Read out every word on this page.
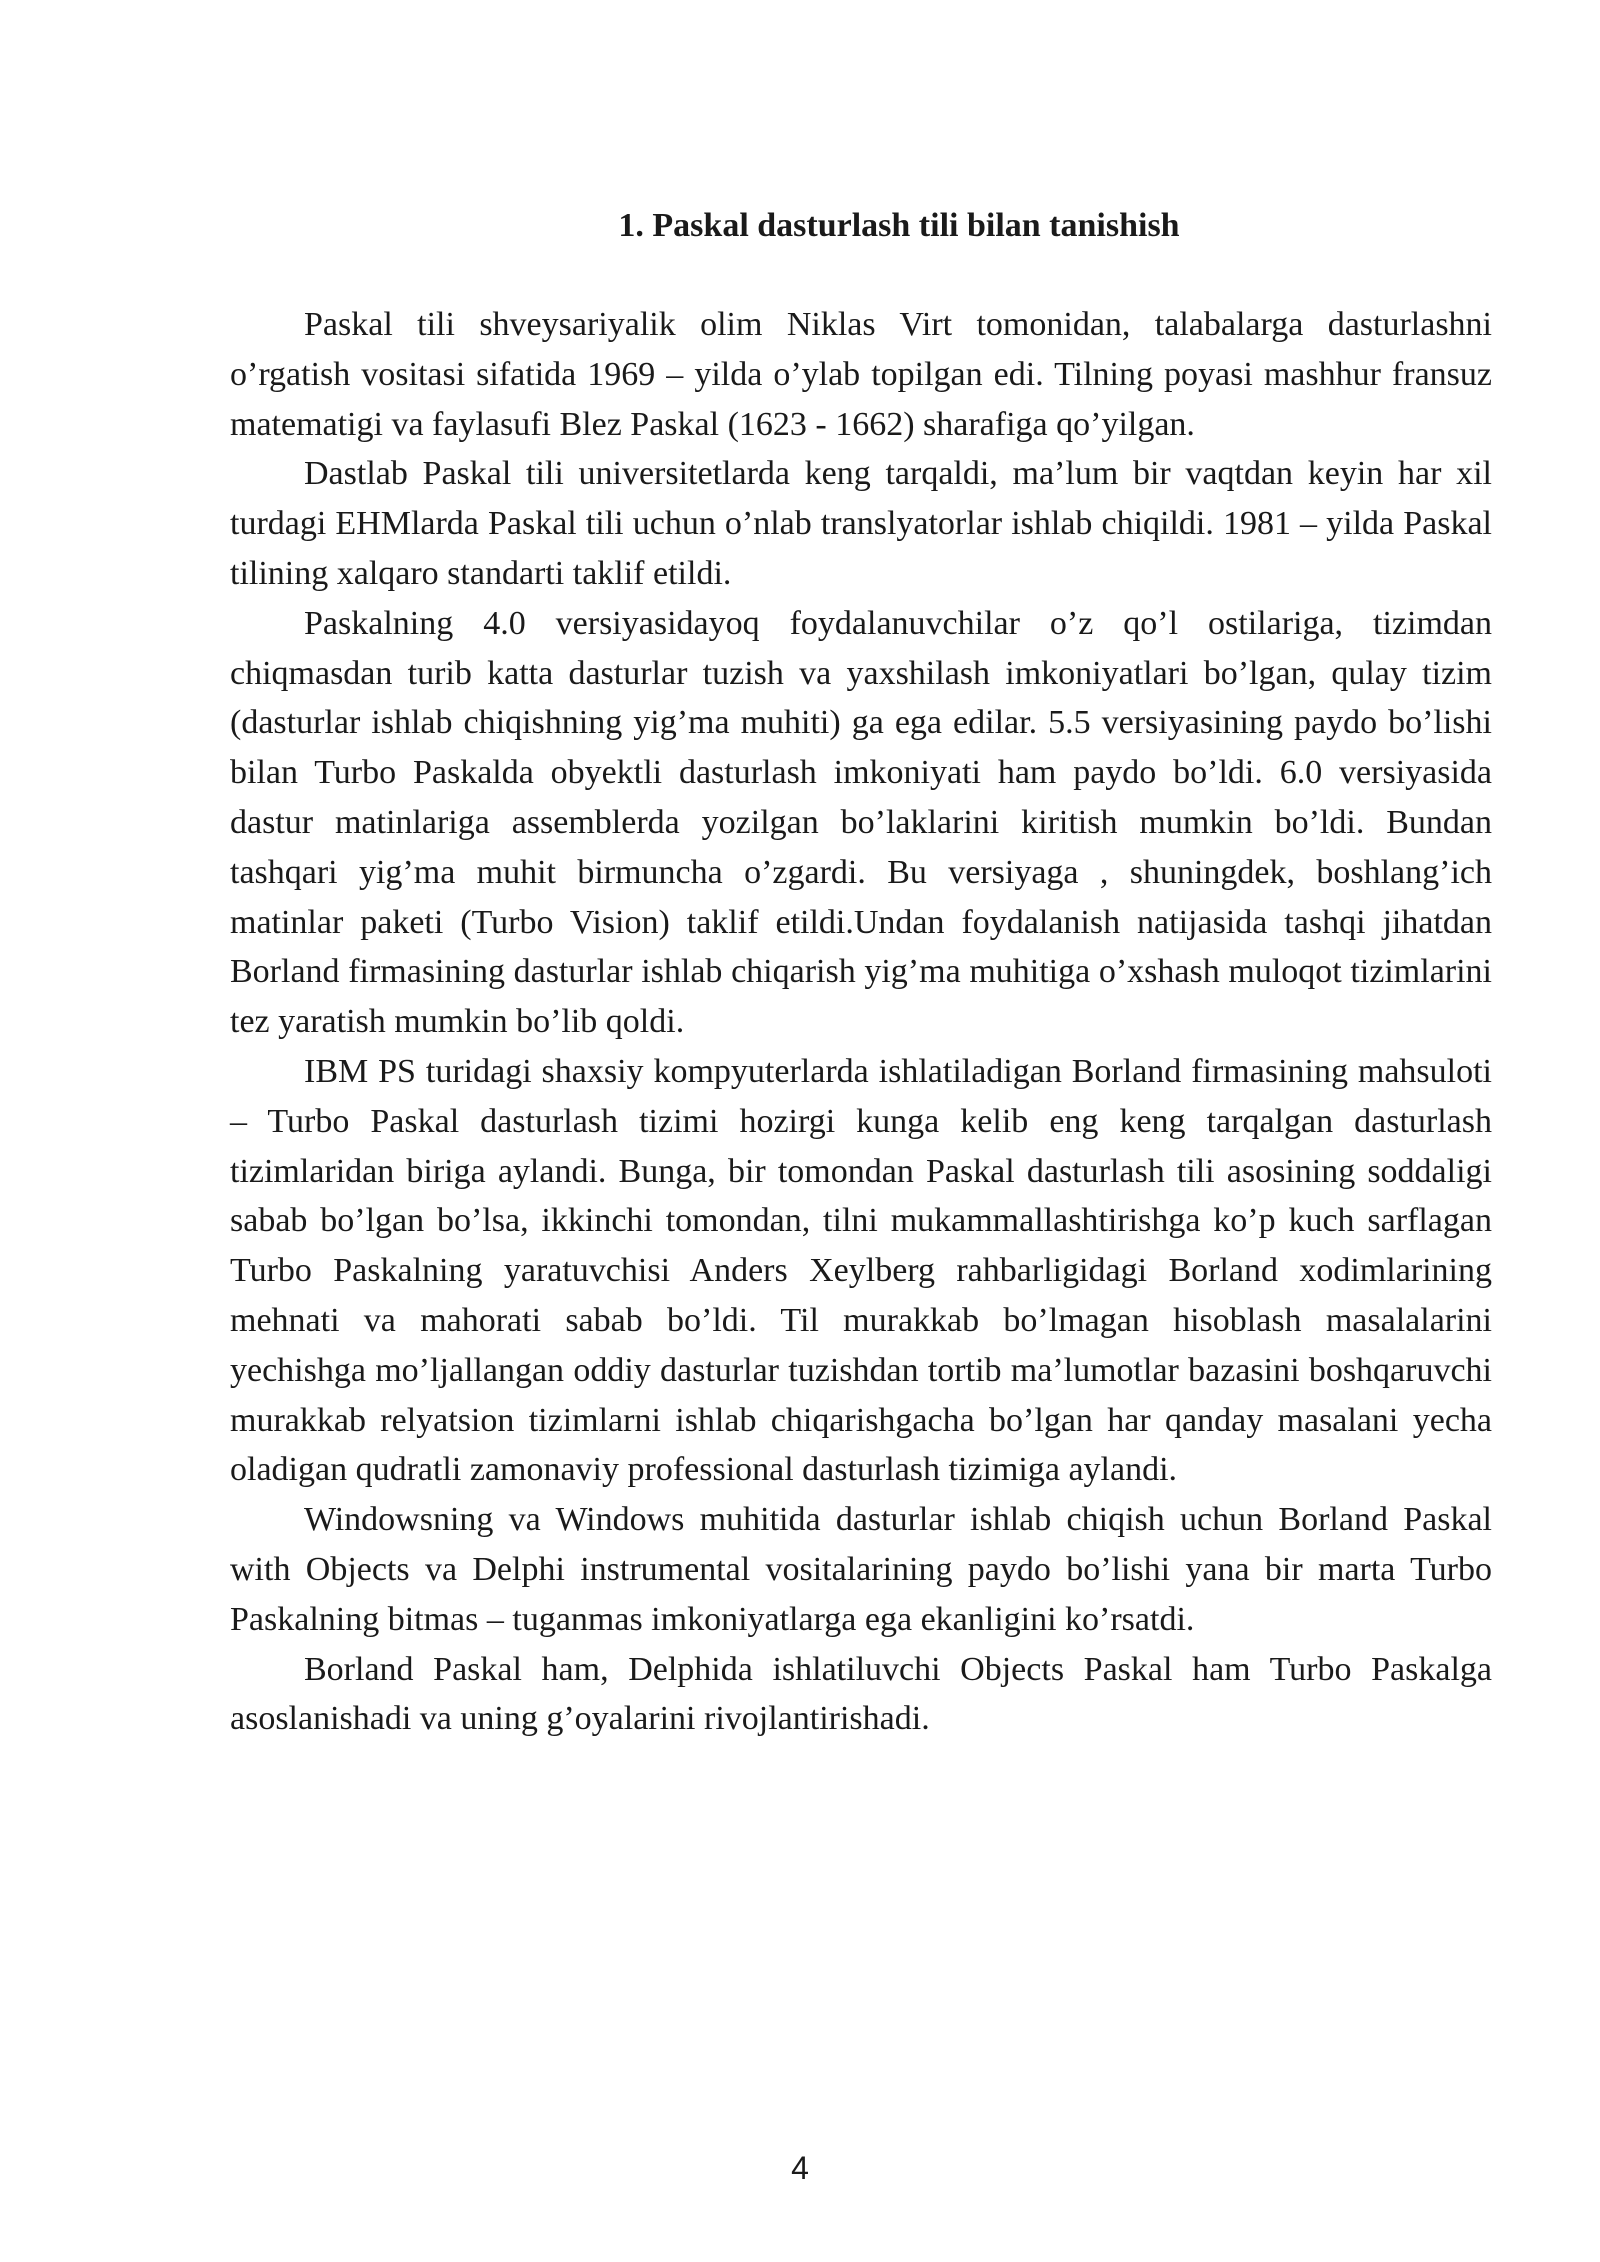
1. Paskal dasturlash tili bilan tanishish

Paskal tili shveysariyalik olim Niklas Virt tomonidan, talabalarga dasturlashni o’rgatish vositasi sifatida 1969 – yilda o’ylab topilgan edi. Tilning poyasi mashhur fransuz matematigi va faylasufi Blez Paskal (1623 - 1662) sharafiga qo’yilgan.

Dastlab Paskal tili universitetlarda keng tarqaldi, ma’lum bir vaqtdan keyin har xil turdagi EHMlarda Paskal tili uchun o’nlab translyatorlar ishlab chiqildi. 1981 – yilda Paskal tilining xalqaro standarti taklif etildi.

Paskalning 4.0 versiyasidayoq foydalanuvchilar o’z qo’l ostilariga, tizimdan chiqmasdan turib katta dasturlar tuzish va yaxshilash imkoniyatlari bo’lgan, qulay tizim (dasturlar ishlab chiqishning yig’ma muhiti) ga ega edilar. 5.5 versiyasining paydo bo’lishi bilan Turbo Paskalda obyektli dasturlash imkoniyati ham paydo bo’ldi. 6.0 versiyasida dastur matinlariga assemblerda yozilgan bo’laklarini kiritish mumkin bo’ldi. Bundan tashqari yig’ma muhit birmuncha o’zgardi. Bu versiyaga , shuningdek, boshlang’ich matinlar paketi (Turbo Vision) taklif etildi.Undan foydalanish natijasida tashqi jihatdan Borland firmasining dasturlar ishlab chiqarish yig’ma muhitiga o’xshash muloqot tizimlarini tez yaratish mumkin bo’lib qoldi.

IBM PS turidagi shaxsiy kompyuterlarda ishlatiladigan Borland firmasining mahsuloti – Turbo Paskal dasturlash tizimi hozirgi kunga kelib eng keng tarqalgan dasturlash tizimlaridan biriga aylandi. Bunga, bir tomondan Paskal dasturlash tili asosining soddaligi sabab bo’lgan bo’lsa, ikkinchi tomondan, tilni mukammallashtirishga ko’p kuch sarflagan Turbo Paskalning yaratuvchisi Anders Xeylberg rahbarligidagi Borland xodimlarining mehnati va mahorati sabab bo’ldi. Til murakkab bo’lmagan hisoblash masalalarini yechishga mo’ljallangan oddiy dasturlar tuzishdan tortib ma’lumotlar bazasini boshqaruvchi murakkab relyatsion tizimlarni ishlab chiqarishgacha bo’lgan har qanday masalani yecha oladigan qudratli zamonaviy professional dasturlash tizimiga aylandi.

Windowsning va Windows muhitida dasturlar ishlab chiqish uchun Borland Paskal with Objects va Delphi instrumental vositalarining paydo bo’lishi yana bir marta Turbo Paskalning bitmas – tuganmas imkoniyatlarga ega ekanligini ko’rsatdi.

Borland Paskal ham, Delphida ishlatiluvchi Objects Paskal ham Turbo Paskalga asoslanishadi va uning g’oyalarini rivojlantirishadi.

4
